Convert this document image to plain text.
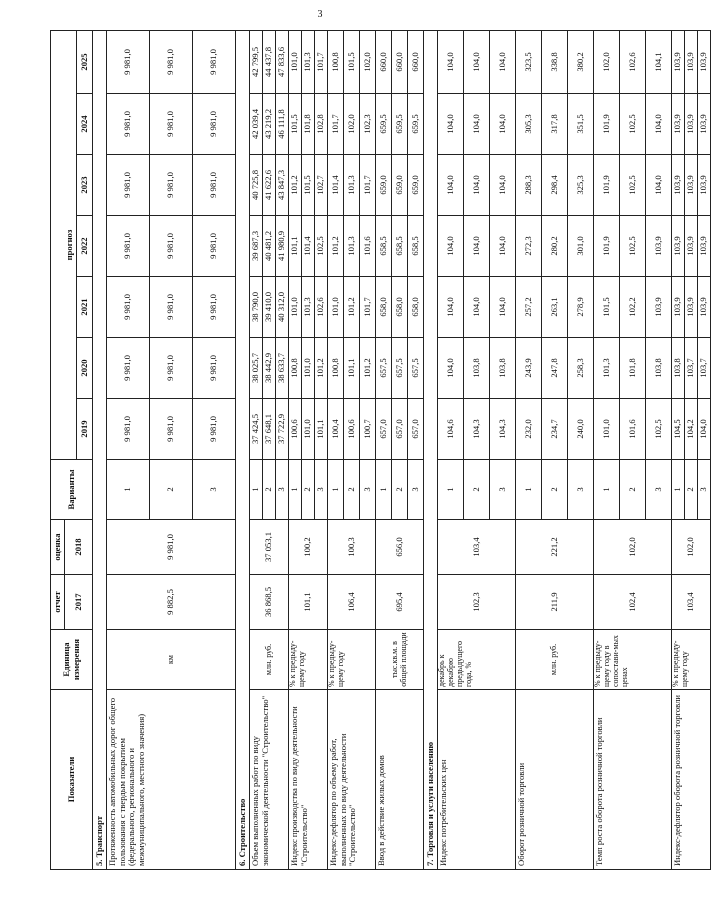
3
Показатели	Единица измерения	отчет	оценка	Варианты							
		2017	2018		прогноз						
					2019	2020	2021	2022	2023	2024	2025
5. Транспорт											
Протяженность автомобильных дорог общего пользования с твердым покрытием (федерального, регионального и межмуниципального, местного значения)	км	9 882,5	9 981,0	1	9 981,0	9 981,0	9 981,0	9 981,0	9 981,0	9 981,0	9 981,0
				2	9 981,0	9 981,0	9 981,0	9 981,0	9 981,0	9 981,0	9 981,0
				3	9 981,0	9 981,0	9 981,0	9 981,0	9 981,0	9 981,0	9 981,0
6. Строительство											
Объем выполненных работ по виду экономической деятельности "Строительство"	млн. руб.	36 868,5	37 053,1	1	37 424,5	38 025,7	38 790,0	39 687,3	40 725,8	42 039,4	42 799,5
				2	37 648,1	38 442,9	39 410,0	40 481,2	41 622,6	43 219,2	44 437,8
				3	37 722,9	38 633,7	40 312,0	41 980,9	43 847,3	46 111,8	47 833,6
Индекс производства по виду деятельности "Строительство"	% к предыду-щему году	101,1	100,2	1	100,6	100,8	101,0	101,1	101,2	101,5	101,0
				2	101,0	101,0	101,3	101,4	101,5	101,8	101,3
				3	101,1	101,2	102,6	102,5	102,7	102,8	101,7
Индекс-дефлятор по объему работ, выполненных по виду деятельности "Строительство"	% к предыду-щему году	106,4	100,3	1	100,4	100,8	101,0	101,2	101,4	101,7	100,8
				2	100,6	101,1	101,2	101,3	101,3	102,0	101,5
				3	100,7	101,2	101,7	101,6	101,7	102,3	102,0
Ввод в действие жилых домов	тыс.кв.м. в общей площади	695,4	656,0	1	657,0	657,5	658,0	658,5	659,0	659,5	660,0
				2	657,0	657,5	658,0	658,5	659,0	659,5	660,0
				3	657,0	657,5	658,0	658,5	659,0	659,5	660,0
7. Торговля и услуги населению											
Индекс потребительских цен	декабрь к декабрю предыдущего года, %	102,3	103,4	1	104,6	104,0	104,0	104,0	104,0	104,0	104,0
				2	104,3	103,8	104,0	104,0	104,0	104,0	104,0
				3	104,3	103,8	104,0	104,0	104,0	104,0	104,0
Оборот розничной торговли	млн. руб.	211,9	221,2	1	232,0	243,9	257,2	272,3	288,3	305,3	323,5
				2	234,7	247,8	263,1	280,2	298,4	317,8	338,8
				3	240,0	258,3	278,9	301,0	325,3	351,5	380,2
Темп роста оборота розничной торговли	% к предыду-щему году в сопостави-мых ценах	102,4	102,0	1	101,0	101,3	101,5	101,9	101,9	101,9	102,0
				2	101,6	101,8	102,2	102,5	102,5	102,5	102,6
				3	102,5	103,8	103,9	103,9	104,0	104,0	104,1
Индекс-дефлятор оборота розничной торговли	% к предыду-щему году	103,4	102,0	1	104,5	103,8	103,9	103,9	103,9	103,9	103,9
				2	104,2	103,7	103,9	103,9	103,9	103,9	103,9
				3	104,0	103,7	103,9	103,9	103,9	103,9	103,9
